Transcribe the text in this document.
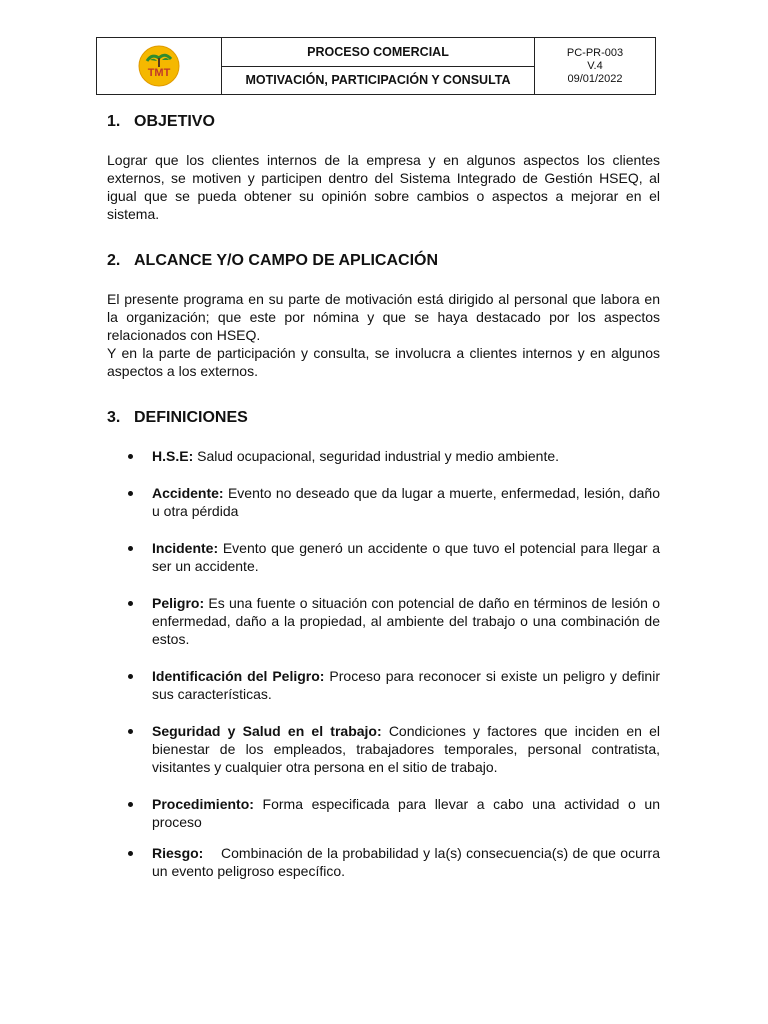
TMT
PROCESO COMERCIAL
MOTIVACIÓN, PARTICIPACIÓN Y CONSULTA
PC-PR-003
V.4
09/01/2022
1. OBJETIVO

Lograr que los clientes internos de la empresa y en algunos aspectos los clientes externos, se motiven y participen dentro del Sistema Integrado de Gestión HSEQ, al igual que se pueda obtener su opinión sobre cambios o aspectos a mejorar en el sistema.

2. ALCANCE Y/O CAMPO DE APLICACIÓN

El presente programa en su parte de motivación está dirigido al personal que labora en la organización; que este por nómina y que se haya destacado por los aspectos relacionados con HSEQ.

Y en la parte de participación y consulta, se involucra a clientes internos y en algunos aspectos a los externos.

3. DEFINICIONES
H.S.E: Salud ocupacional, seguridad industrial y medio ambiente.
Accidente: Evento no deseado que da lugar a muerte, enfermedad, lesión, daño u otra pérdida
Incidente: Evento que generó un accidente o que tuvo el potencial para llegar a ser un accidente.
Peligro: Es una fuente o situación con potencial de daño en términos de lesión o enfermedad, daño a la propiedad, al ambiente del trabajo o una combinación de estos.
Identificación del Peligro: Proceso para reconocer si existe un peligro y definir sus características.
Seguridad y Salud en el trabajo: Condiciones y factores que inciden en el bienestar de los empleados, trabajadores temporales, personal contratista, visitantes y cualquier otra persona en el sitio de trabajo.
Procedimiento: Forma especificada para llevar a cabo una actividad o un proceso
Riesgo:    Combinación de la probabilidad y la(s) consecuencia(s) de que ocurra un evento peligroso específico.
